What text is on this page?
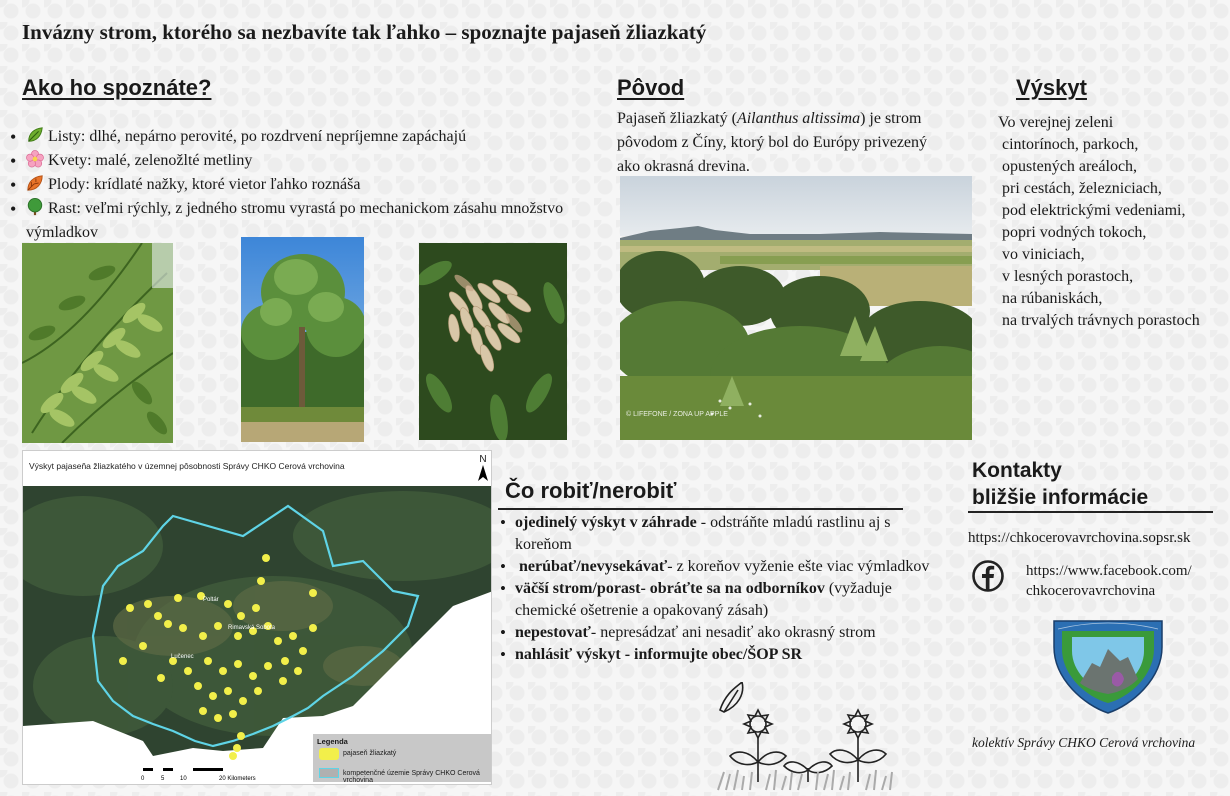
Invázny strom, ktorého sa nezbavíte tak ľahko – spoznajte pajaseň žliazkatý
Ako ho spoznáte?
• Listy: dlhé, nepárno perovité, po rozdrvení nepríjemne zapáchajú
• Kvety: malé, zelenožlté metliny
• Plody: krídlaté nažky, ktoré vietor ľahko roznáša
• Rast: veľmi rýchly, z jedného stromu vyrastá po mechanickom zásahu množstvo výmladkov
Pôvod
Pajaseň žliazkatý (Ailanthus altissima) je strom pôvodom z Číny, ktorý bol do Európy privezený ako okrasná drevina.
© LIFEFONE / ZONA UP APPLE
Výskyt
Vo verejnej zeleni
cintorínoch, parkoch,
opustených areáloch,
pri cestách, železniciach,
pod elektrickými vedeniami,
popri vodných tokoch,
vo viniciach,
v lesných porastoch,
na rúbaniskách,
na trvalých trávnych porastoch
Výskyt pajaseňa žliazkatého v územnej pôsobnosti Správy CHKO Cerová vrchovina
N
Poltár
Rimavská Sobota
Lučenec
0	5	10	20 Kilometers
Legenda
pajaseň žliazkatý
kompetenčné územie Správy CHKO Cerová vrchovina
Čo robiť/nerobiť
• ojedinelý výskyt v záhrade - odstráňte mladú rastlinu aj s koreňom
•  nerúbať/nevysekávať- z koreňov vyženie ešte viac výmladkov
• väčší strom/porast- obráťte sa na odborníkov (vyžaduje chemické ošetrenie a opakovaný zásah)
• nepestovať- nepresádzať ani nesadiť ako okrasný strom
• nahlásiť výskyt - informujte obec/ŠOP SR
Kontakty
bližšie informácie
https://chkocerovavrchovina.sopsr.sk
https://www.facebook.com/
chkocerovavrchovina
kolektív Správy CHKO Cerová vrchovina
